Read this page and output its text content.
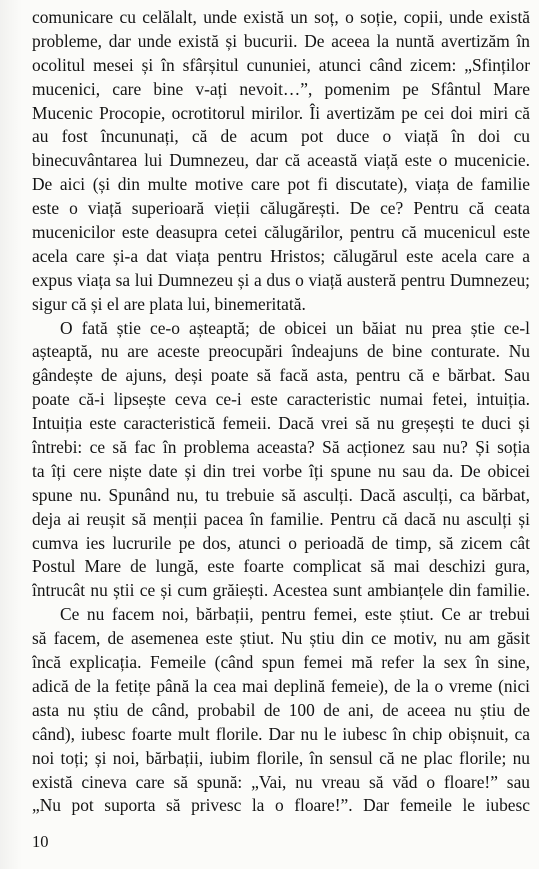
comunicare cu celălalt, unde există un soț, o soție, copii, unde există
probleme, dar unde există și bucurii. De aceea la nuntă avertizăm în
ocolitul mesei și în sfârșitul cununiei, atunci când zicem: „Sfinților
mucenici, care bine v-ați nevoit…”, pomenim pe Sfântul Mare
Mucenic Procopie, ocrotitorul mirilor. Îi avertizăm pe cei doi miri că
au fost încununați, că de acum pot duce o viață în doi cu
binecuvântarea lui Dumnezeu, dar că această viață este o mucenicie.
De aici (și din multe motive care pot fi discutate), viața de familie
este o viață superioară vieții călugărești. De ce? Pentru că ceata
mucenicilor este deasupra cetei călugărilor, pentru că mucenicul este
acela care și-a dat viața pentru Hristos; călugărul este acela care a
expus viața sa lui Dumnezeu și a dus o viață austeră pentru Dumnezeu;
sigur că și el are plata lui, binemeritată.
O fată știe ce-o așteaptă; de obicei un băiat nu prea știe ce-l
așteaptă, nu are aceste preocupări îndeajuns de bine conturate. Nu
gândește de ajuns, deși poate să facă asta, pentru că e bărbat. Sau
poate că-i lipsește ceva ce-i este caracteristic numai fetei, intuiția.
Intuiția este caracteristică femeii. Dacă vrei să nu greșești te duci și
întrebi: ce să fac în problema aceasta? Să acționez sau nu? Și soția
ta îți cere niște date și din trei vorbe îți spune nu sau da. De obicei
spune nu. Spunând nu, tu trebuie să asculți. Dacă asculți, ca bărbat,
deja ai reușit să menții pacea în familie. Pentru că dacă nu asculți și
cumva ies lucrurile pe dos, atunci o perioadă de timp, să zicem cât
Postul Mare de lungă, este foarte complicat să mai deschizi gura,
întrucât nu știi ce și cum grăiești. Acestea sunt ambianțele din familie.
Ce nu facem noi, bărbații, pentru femei, este știut. Ce ar trebui
să facem, de asemenea este știut. Nu știu din ce motiv, nu am găsit
încă explicația. Femeile (când spun femei mă refer la sex în sine,
adică de la fetițe până la cea mai deplină femeie), de la o vreme (nici
asta nu știu de când, probabil de 100 de ani, de aceea nu știu de
când), iubesc foarte mult florile. Dar nu le iubesc în chip obișnuit, ca
noi toți; și noi, bărbații, iubim florile, în sensul că ne plac florile; nu
există cineva care să spună: „Vai, nu vreau să văd o floare!” sau
„Nu pot suporta să privesc la o floare!”. Dar femeile le iubesc
10
